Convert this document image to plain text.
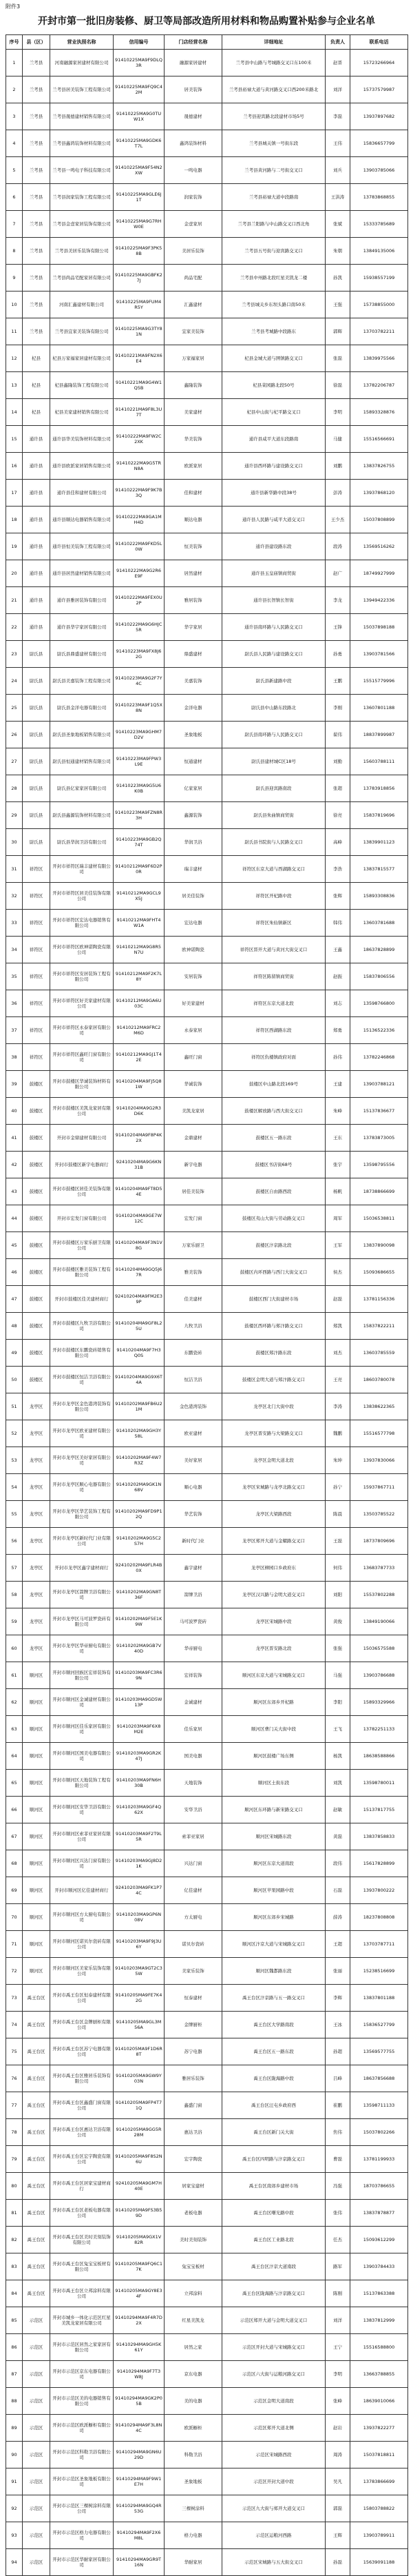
附件3
开封市第一批旧房装修、厨卫等局部改造所用材料和物品购置补贴参与企业名单
序号	县（区）	营业执照名称	信用编号	门店经营名称	详细地址	负责人	联系电话

1	兰考县	河南融源家居建材有限公司	91410225MA9F9DLQ3R	融源家居建材	兰考县中山路与考城路交叉口东100米	赵晋	15723266964

2	兰考县	兰考县居美装饰工程有限公司	91410225MA9FQ9C42M	居美装饰	兰考县裕禄大道与黄河路交叉口西200米路北	刘洋	15737579987

3	兰考县	兰考县晟德建材销售有限公司	91410225MA9G0TUW1X	晟德建材	兰考县迎宾路北段建材市场5号	李磊	13937897682

4	兰考县	兰考县鑫鸿装饰材料有限公司	91410225MA9GDK6T7L	鑫鸿装饰材料	兰考县城关镇一号街东段	王伟	15836657799

5	兰考县	兰考县一鸣电子科技有限公司	91410225MA9F54N2XW	一鸣电器	兰考县黄河路与二号街交叉口	刘兵	13903785066

6	兰考县	兰考县润家装饰工程有限公司	91410225MA9GLE6J1T	润家装饰	兰考县裕禄大道中段路南	王洪涛	13783868855

7	兰考县	兰考县金壹家居装饰有限公司	91410225MA9G7RHW0E	金壹家居	兰考县兰阳路与中山路交叉口西北角	张斌	15333785689

8	兰考县	兰考县美居乐装饰有限公司	91410225MA9F3PK58B	美居乐装饰	兰考县五号街与迎宾路交叉口	朱朝	13849135006

9	兰考县	兰考县尚品宅配家居有限公司	91410225MA9GBFK27J	尚品宅配	兰考县中州路北段红星美凯龙二楼	孙凯	15938557199

10	兰考县	河南汇鑫建材有限公司	91410225MA9FUM4R5Y	汇鑫建材	兰考县城关乡东坝头路口南50米	王强	15738855000

11	兰考县	兰考县宜家美装饰有限公司	91410225MA9G3TY81N	宜家美装饰	兰考县考城路中段路东	郭辉	13703782211

12	杞县	杞县万家福家居建材有限公司	91410221MA9FN2X6E4	万家福家居	杞县金城大道与圉镇路交叉口	张磊	13839975566

13	杞县	杞县鑫隆装饰工程有限公司	91410221MA9G4W1Q5B	鑫隆装饰	杞县菜园路北段50号	徐磊	13782206787

14	杞县	杞县美家建材销售有限公司	91410221MA9F8L3U7T	美家建材	杞县中山街与杞平路交叉口	李明	15893328876

15	通许县	通许县华美装饰材料有限公司	91410222MA9FW2C2XK	华美装饰	通许县咸平大道东段路南	马健	15516566691

16	通许县	通许县欧派家居销售有限公司	91410222MA9G5TRN8A	欧派家居	通许县西环路与建设路交叉口	刘鹏	13837826755

17	通许县	通许县佳和建材有限公司	91410222MA9F9K7B3Q	佳和建材	通许县新华路中段38号	彭涛	13937868120

18	通许县	通许县顺达电器销售有限公司	91410222MA9GA1MH4D	顺达电器	通许县人民路与咸平大道交叉口	王少杰	15037808899

19	通许县	通许县恒美装饰工程有限公司	91410222MA9FKD5L0W	恒美装饰	通许县建设路东段	段涛	13569516262

20	通许县	通许县居然建材销售有限公司	91410222MA9G2R6E9F	居然建材	通许县玉皇庙镇商贸街	赵广	18749927999

21	通许县	通许县雅居装饰有限公司	91410222MA9FEX0U2P	雅居装饰	通许县长智镇长智街	李龙	13949422336

22	通许县	通许县华宇家居有限公司	91410222MA9G6HJC5R	华宇家居	通许县南环路与人民路交叉口	王锋	15037898188

23	尉氏县	尉氏县鼎盛建材有限公司	91410223MA9FX8J62G	鼎盛建材	尉氏县人民路与建设路交叉口	孙勇	13903781566

24	尉氏县	尉氏县美嘉装饰工程有限公司	91410223MA9G2F7Y4C	美嘉装饰	尉氏县新建路中段	王鹏	15515779996

25	尉氏县	尉氏县金洋电器有限公司	91410223MA9F1Q5X8N	金洋电器	尉氏县中山路东段路北	李刚	13607801188

26	尉氏县	尉氏县圣象地板销售有限公司	91410223MA9GHM7D2V	圣象地板	尉氏县南环路与人民路交叉口	翟伟	18837899987

27	尉氏县	尉氏县恒通建材销售有限公司	91410223MA9FPW3L9E	恒通建材	尉氏县建材城C区18号	刘勤	15603788111

28	尉氏县	尉氏县亿家家居有限公司	91410223MA9G5U6K0B	亿家家居	尉氏县迎宾路南段	张超	13783918856

29	尉氏县	尉氏县鑫源装饰材料有限公司	91410223MA9FZN8R3H	鑫源装饰	尉氏县朱曲镇商贸街	徐亮	15837819696

30	尉氏县	尉氏县华润卫浴有限公司	91410223MA9GB2Q74T	华润卫浴	尉氏县书院街与人民路交叉口	高峰	13839901123

31	祥符区	开封市祥符区瑞丰建材有限公司	91410212MA9F6D2P0R	瑞丰建材	祥符区东京大道与西湖路交叉口	李浩	13837815577

32	祥符区	开封市祥符区居美佳装饰有限公司	91410212MA9GCL9X5J	居美佳装饰	祥符区开杞路中段	张辉	15893308836

33	祥符区	开封市祥符区宏达电器销售有限公司	91410212MA9FHT4W1A	宏达电器	祥符区朱仙镇新区	韩伟	13603781688

34	祥符区	开封市祥符区欧神诺陶瓷有限公司	91410212MA9G8R5N7U	欧神诺陶瓷	祥符区晋开大道与黄河大街交叉口	王鑫	18637828899

35	祥符区	开封市祥符区安居装饰工程有限公司	91410212MA9F2K7L8Y	安居装饰	祥符区陈留镇商贸街	赵振	15837806556

36	祥符区	开封市祥符区好美家建材有限公司	91410212MA9GA6U03C	好美家建材	祥符区东京大道北段	刘志	13598766800

37	祥符区	开封市祥符区永泰家居有限公司	91410212MA9FRC2M6D	永泰家居	祥符区西湖路东段	郑勇	15136522336

38	祥符区	开封市祥符区鑫旺门窗有限公司	91410212MA9GJ1T42E	鑫旺门窗	祥符区仇楼镇政府对面	孙伟	13782246868

39	鼓楼区	开封市鼓楼区华诚装饰材料有限公司	91410204MA9FJ5Q81W	华诚装饰	鼓楼区中山路北段169号	王建	13903788121

40	鼓楼区	开封市鼓楼区美凯龙家居有限公司	91410204MA9G2R3D6K	美凯龙家居	鼓楼区解放路与西大街交叉口	朱峰	15137836677

41	鼓楼区	开封市金鼎建材有限公司	91410204MA9F8P4K2X	金鼎建材	鼓楼区五一路东段	王东	13783873005

42	鼓楼区	开封市鼓楼区新宇电器商行	92410204MA9G6KN31B	新宇电器	鼓楼区书店街68号	张宇	13598795556

43	鼓楼区	开封市鼓楼区居佳美装饰有限公司	91410204MA9FT8D54E	居佳美装饰	鼓楼区自由路西段	杨帆	18738866699

44	鼓楼区	开封市宏发门窗有限公司	91410204MA9GE7W12C	宏发门窗	鼓楼区夷山大街与劳动路交叉口	周军	15036538811

45	鼓楼区	开封市鼓楼区万家乐厨卫有限公司	91410204MA9F3N1V8G	万家乐厨卫	鼓楼区汴京路北段	王军	13837890098

46	鼓楼区	开封市鼓楼区雅美装饰工程有限公司	91410204MA9GQ5J67R	雅美装饰	鼓楼区内环西路与西门大街交叉口	侯杰	15093686655

47	鼓楼区	开封市鼓楼区佳美建材商行	92410204MA9FM2E39P	佳美建材	鼓楼区西门大街建材市场	赵磊	13781156336

48	鼓楼区	开封市鼓楼区九牧卫浴有限公司	91410204MA9GF8L25U	九牧卫浴	鼓楼区西环路与郑汴路交叉口	郑凯	15837822211

49	鼓楼区	开封市鼓楼区东鹏瓷砖销售有限公司	91410204MA9F7H3Q0S	东鹏瓷砖	鼓楼区郑汴路东段	刘杰	13603785559

50	鼓楼区	开封市鼓楼区恒洁卫浴有限公司	91410204MA9G9X6T4A	恒洁卫浴	鼓楼区金明大道与郑汴路交叉口	王亮	18603780078

51	龙亭区	开封市龙亭区金色港湾装饰有限公司	91410202MA9FB6U21M	金色港湾装饰	龙亭区北门大街中段	李涛	13838622365

52	龙亭区	开封市龙亭区欧亚建材有限公司	91410202MA9GH3Y58L	欧亚建材	龙亭区晋安路与大梁路交叉口	魏鹏	15516577798

53	龙亭区	开封市龙亭区美好家居有限公司	91410202MA9F4W7R3Z	美好家居	龙亭区金明大道北段	朱坤	13937830066

54	龙亭区	开封市龙亭区顺心电器有限公司	91410202MA9GK1N68V	顺心电器	龙亭区宋城路与龙亭北路交叉口	孙宁	15937867711

55	龙亭区	开封市龙亭区华艺装饰工程有限公司	91410202MA9FD9P12Q	华艺装饰	龙亭区大梁路西段	陈晨	13503785522

56	龙亭区	开封市龙亭区新时代门业有限公司	91410202MA9G5C2S7H	新时代门业	龙亭区郑开大道与金耀路交叉口	王磊	18737809696

57	龙亭区	开封市龙亭区鑫宇建材商行	92410202MA9FLR4B0X	鑫宇建材	龙亭区柳园口乡政府东	何伟	13683787733

58	龙亭区	开封市龙亭区箭牌卫浴有限公司	91410202MA9GN8T36F	箭牌卫浴	龙亭区汉兴路与金明大道交叉口	刘阳	15537802288

59	龙亭区	开封市龙亭区马可波罗瓷砖有限公司	91410202MA9F5E1K9W	马可波罗瓷砖	龙亭区宋城路中段	黄俊	13849190066

60	龙亭区	开封市龙亭区华帝厨电有限公司	91410202MA9GB7V40D	华帝厨电	龙亭区晋安路北段	张强	15036575588

61	顺河区	开封市顺河回族区宏祥装饰有限公司	91410203MA9FC3R69N	宏祥装饰	顺河区东京大道与宋城路交叉口	马强	13903786688

62	顺河区	开封市顺河区金诚建材有限公司	91410203MA9GD5W13P	金诚建材	顺河区东郊乡开杞路	李阳	15893329966

63	顺河区	开封市顺河区佳乐家居有限公司	91410203MA9F6X8M2E	佳乐家居	顺河区曹门关大街中段	王飞	13782251133

64	顺河区	开封市顺河区国美电器有限公司	91410203MA9GR2K47J	国美电器	顺河区鼓楼广场东侧	杨凯	18638588866

65	顺河区	开封市顺河区天地装饰工程有限公司	91410203MA9FN6H30B	天地装饰	顺河区土街东段	刘凯	13598780011

66	顺河区	开封市顺河区安华卫浴有限公司	91410203MA9GF4Q62X	安华卫浴	顺河区东环路与新宋路交叉口	赵敏	15137817755

67	顺河区	开封市顺河区索菲亚家居有限公司	91410203MA9F2T9L5R	索菲亚家居	顺河区宋城路东段	黄磊	13837858833

68	顺河区	开封市顺河区兴达门窗有限公司	91410203MA9GJ8D21K	兴达门窗	顺河区东京大道南段	段伟	15617828899

69	顺河区	开封市顺河区亿佳建材商行	92410203MA9FK1P74C	亿佳建材	顺河区苹果园路中段	石磊	13937800222

70	顺河区	开封市顺河区方太厨电有限公司	91410203MA9GP6N08V	方太厨电	顺河区东郊乡宋城路	薛涛	18237808808

71	顺河区	开封市顺河区诺贝尔瓷砖有限公司	91410203MA9F9J3U6Y	诺贝尔瓷砖	顺河区汴京大道与宋城路交叉口	王超	13703787711

72	顺河区	开封市顺河区美家乐装饰有限公司	91410203MA9GT2C35W	美家乐装饰	顺河区魏都路东段	张丽	15238516699

73	禹王台区	开封市禹王台区恒泰建材有限公司	91410205MA9FE7K42G	恒泰建材	禹王台区汴京路与五一路交叉口	李辉	13837801188

74	禹王台区	开封市禹王台区金牌厨柜有限公司	91410205MA9GL3M56A	金牌厨柜	禹王台区大学路南段	王冰	15836527799

75	禹王台区	开封市禹王台区苏宁电器有限公司	91410205MA9F1D6R8T	苏宁电器	禹王台区五一路东段	孙超	13569577755

76	禹王台区	开封市禹王台区雅居乐装饰有限公司	91410205MA9GW9Y03N	雅居乐装饰	禹王台区陇海路中段	吕峰	18637856688

77	禹王台区	开封市禹王台区鑫盛门窗有限公司	91410205MA9FP4T71Q	鑫盛门窗	禹王台区汪屯乡政府西	崔鹏	13598711133

78	禹王台区	开封市禹王台区惠达卫浴有限公司	91410205MA9GG5R28M	惠达卫浴	禹王台区新门关大街	焦伟	15037802266

79	禹王台区	开封市禹王台区宏宇陶瓷有限公司	91410205MA9F8S2N6U	宏宇陶瓷	禹王台区四明路与汴京路交叉口	曹磊	13781199933

80	禹王台区	开封市禹王台区居家宝建材商行	92410205MA9GM7H40E	居家宝建材	禹王台区南郊乡建材市场	冯强	18703786655

81	禹王台区	开封市禹王台区老板电器有限公司	91410205MA9FS3B59D	老板电器	禹王台区曙光路中段	张伟	13837878877

82	禹王台区	开封市禹王台区美时美刻装饰有限公司	91410205MA9GX1V82R	美时美刻装饰	禹王台区工业路北段	任杰	15093612299

83	禹王台区	开封市禹王台区兔宝宝板材有限公司	91410205MA9FQ6C17K	兔宝宝板材	禹王台区汴京大道南段	路军	13903784433

84	禹王台区	开封市禹王台区立邦涂料有限公司	91410205MA9GY8E34F	立邦涂料	禹王台区陇海路与汴京路交叉口	陈刚	15137863388

85	示范区	开封市城乡一体化示范区红星美凯龙家居有限公司	91410294MA9F4R7D2X	红星美凯龙	示范区郑开大道与金明大道交叉口	刘洋	13837812999

86	示范区	开封市示范区居然之家家居有限公司	91410294MA9GH5K61Y	居然之家	示范区开封大道与宋城路交叉口	王宁	15516588800

87	示范区	开封市示范区京东电器有限公司	91410294MA9F7T3W8J	京东电器	示范区六大街与运粮河路交叉口	李明	13663788855

88	示范区	开封市示范区美的电器销售有限公司	91410294MA9GK2P05B	美的电器	示范区金明大道南段	张峰	18639010066

89	示范区	开封市示范区欧派橱柜有限公司	91410294MA9F3L8N4C	欧派橱柜	示范区郑开大道北侧	赵岩	13937822277

90	示范区	开封市示范区科勒卫浴有限公司	91410294MA9GN6U29D	科勒卫浴	示范区宋城路西段	周涛	15037818811

91	示范区	开封市示范区圣象地板有限公司	91410294MA9F9W1E7H	圣象地板	示范区开封大道中段	吴凡	13783866699

92	示范区	开封市示范区三棵树涂料有限公司	91410294MA9GQ4R53G	三棵树涂料	示范区九大街与郑开大道交叉口	郭磊	15803788822

93	示范区	开封市示范区格力电器有限公司	91410294MA9F2X6M8L	格力电器	示范区运粮河西路	王辉	13903789911

94	示范区	开封市示范区华耐家居有限公司	91410294MA9GR9T16N	华耐家居	示范区宋城路与五大街交叉口	孙磊	15639091188
